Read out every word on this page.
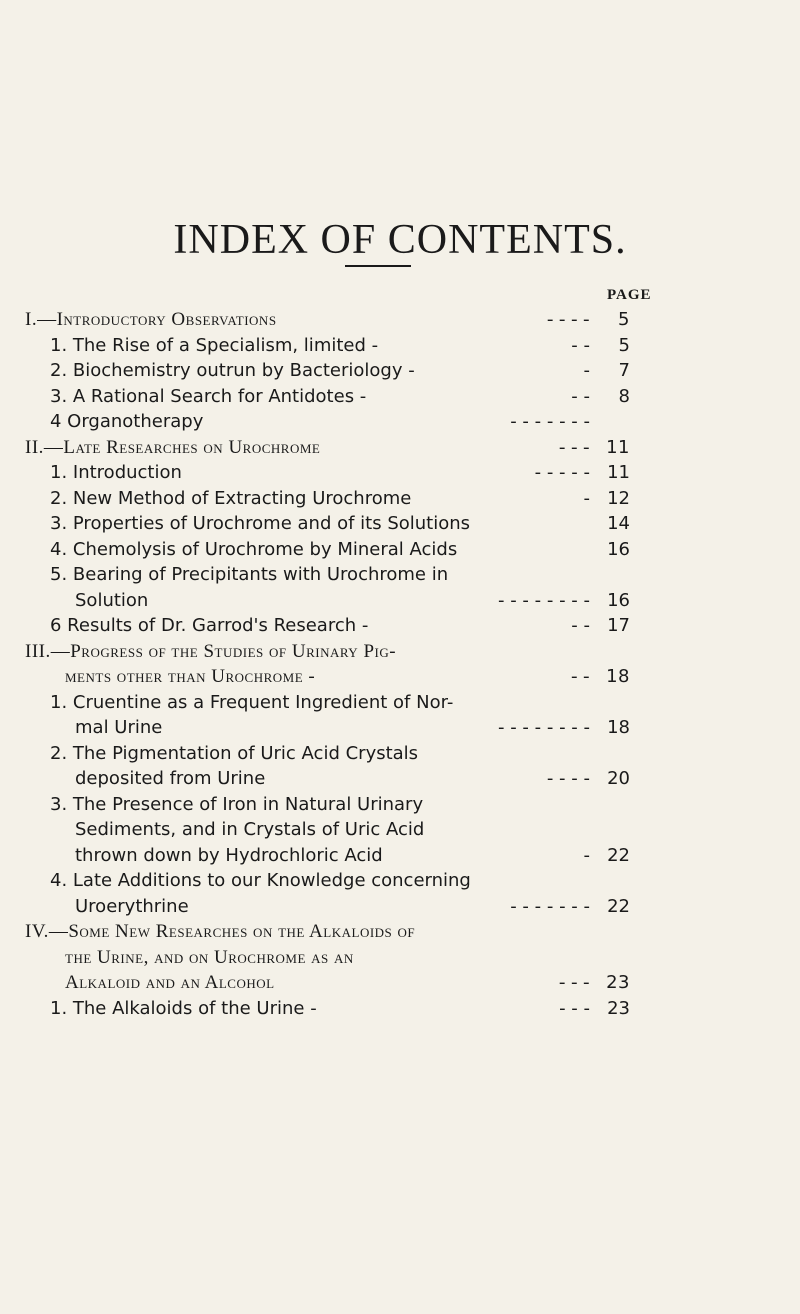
INDEX OF CONTENTS.
PAGE
I.—Introductory Observations	- - - -	5
1. The Rise of a Specialism, limited -	- -	5
2. Biochemistry outrun by Bacteriology -	-	7
3. A Rational Search for Antidotes -	- -	8
4 Organotherapy	- - - - - - -
II.—Late Researches on Urochrome	- - - 11
1. Introduction	- - - - - 11
2. New Method of Extracting Urochrome	- 12
3. Properties of Urochrome and of its Solutions	14
4. Chemolysis of Urochrome by Mineral Acids	16
5. Bearing of Precipitants with Urochrome in
Solution	- - - - - - - - 16
6 Results of Dr. Garrod's Research -	- - 17
III.—Progress of the Studies of Urinary Pig-
ments other than Urochrome -	- - 18
1. Cruentine as a Frequent Ingredient of Nor-
mal Urine	- - - - - - - - 18
2. The Pigmentation of Uric Acid Crystals
deposited from Urine	- - - - 20
3. The Presence of Iron in Natural Urinary
Sediments, and in Crystals of Uric Acid
thrown down by Hydrochloric Acid	- 22
4. Late Additions to our Knowledge concerning
Uroerythrine	- - - - - - - 22
IV.—Some New Researches on the Alkaloids of
the Urine, and on Urochrome as an
Alkaloid and an Alcohol	- - - 23
1. The Alkaloids of the Urine -	- - - 23
